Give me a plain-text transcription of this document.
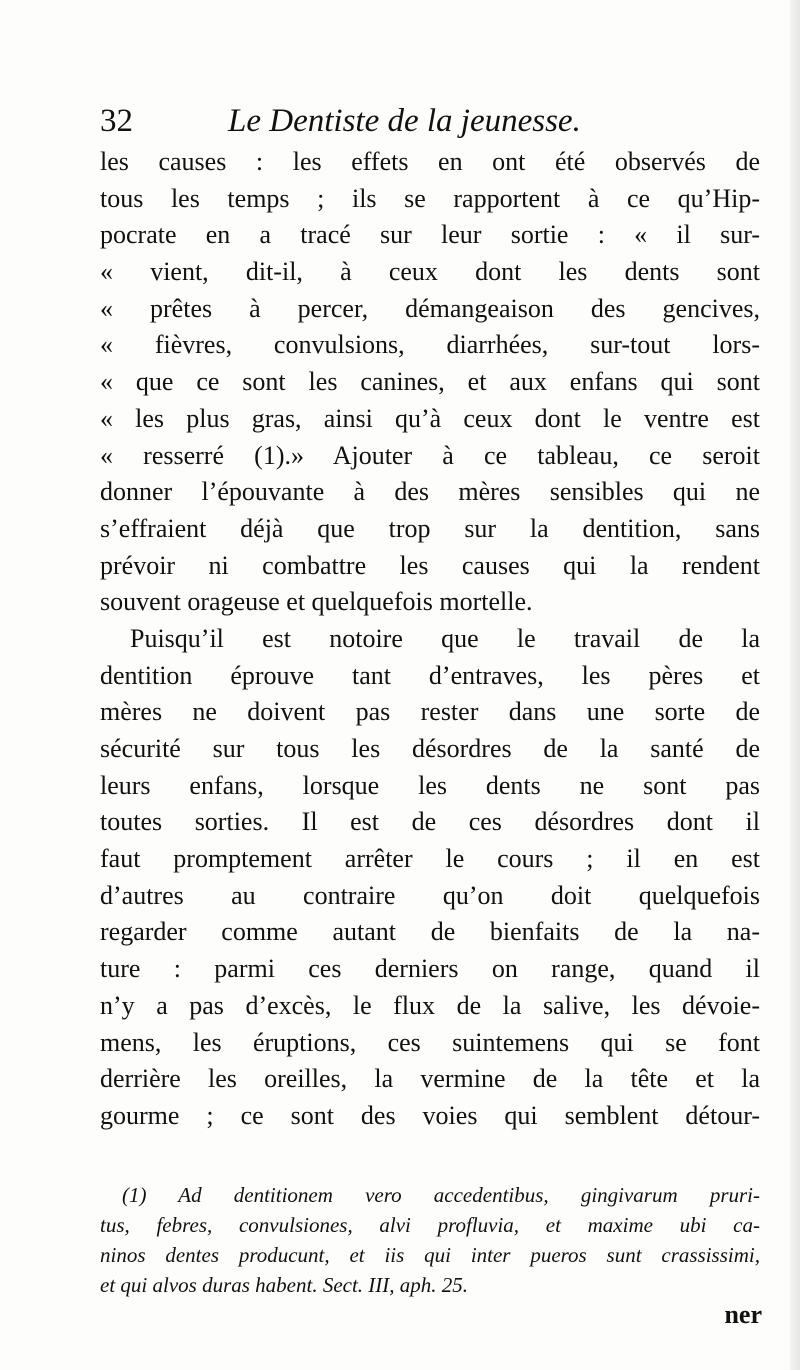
32	Le Dentiste de la jeunesse.
les causes : les effets en ont été observés de
tous les temps ; ils se rapportent à ce qu’Hip-
pocrate en a tracé sur leur sortie : « il sur-
« vient, dit-il, à ceux dont les dents sont
« prêtes à percer, démangeaison des gencives,
« fièvres, convulsions, diarrhées, sur-tout lors-
« que ce sont les canines, et aux enfans qui sont
« les plus gras, ainsi qu’à ceux dont le ventre est
« resserré (1).» Ajouter à ce tableau, ce seroit
donner l’épouvante à des mères sensibles qui ne
s’effraient déjà que trop sur la dentition, sans
prévoir ni combattre les causes qui la rendent
souvent orageuse et quelquefois mortelle.
Puisqu’il est notoire que le travail de la
dentition éprouve tant d’entraves, les pères et
mères ne doivent pas rester dans une sorte de
sécurité sur tous les désordres de la santé de
leurs enfans, lorsque les dents ne sont pas
toutes sorties. Il est de ces désordres dont il
faut promptement arrêter le cours ; il en est
d’autres au contraire qu’on doit quelquefois
regarder comme autant de bienfaits de la na-
ture : parmi ces derniers on range, quand il
n’y a pas d’excès, le flux de la salive, les dévoie-
mens, les éruptions, ces suintemens qui se font
derrière les oreilles, la vermine de la tête et la
gourme ; ce sont des voies qui semblent détour-
(1) Ad dentitionem vero accedentibus, gingivarum pruri-
tus, febres, convulsiones, alvi profluvia, et maxime ubi ca-
ninos dentes producunt, et iis qui inter pueros sunt crassissimi,
et qui alvos duras habent. Sect. III, aph. 25.
ner
